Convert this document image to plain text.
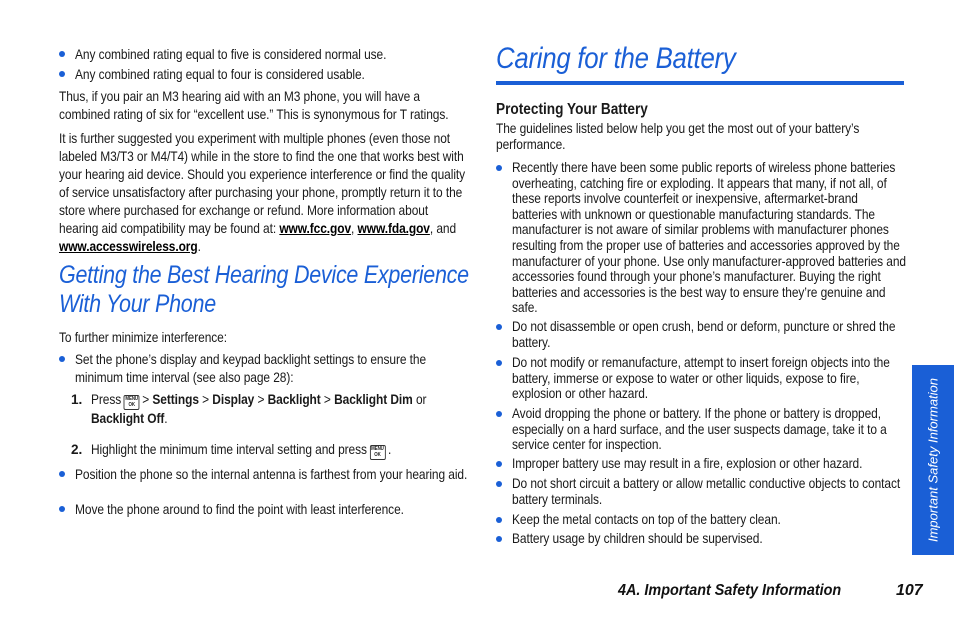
Any combined rating equal to five is considered normal use.
Any combined rating equal to four is considered usable.
Thus, if you pair an M3 hearing aid with an M3 phone, you will have a combined rating of six for “excellent use.” This is synonymous for T ratings.
It is further suggested you experiment with multiple phones (even those not labeled M3/T3 or M4/T4) while in the store to find the one that works best with your hearing aid device. Should you experience interference or find the quality of service unsatisfactory after purchasing your phone, promptly return it to the store where purchased for exchange or refund. More information about hearing aid compatibility may be found at: www.fcc.gov, www.fda.gov, and www.accesswireless.org.
Getting the Best Hearing Device Experience With Your Phone
To further minimize interference:
Set the phone’s display and keypad backlight settings to ensure the minimum time interval (see also page 28):
1. Press MENU
OK > Settings > Display > Backlight > Backlight Dim or
Backlight Off.
2. Highlight the minimum time interval setting and press MENU
OK .
Position the phone so the internal antenna is farthest from your hearing aid.
Move the phone around to find the point with least interference.
Caring for the Battery
Protecting Your Battery
The guidelines listed below help you get the most out of your battery’s performance.
Recently there have been some public reports of wireless phone batteries overheating, catching fire or exploding. It appears that many, if not all, of these reports involve counterfeit or inexpensive, aftermarket-brand batteries with unknown or questionable manufacturing standards. The manufacturer is not aware of similar problems with manufacturer phones resulting from the proper use of batteries and accessories approved by the manufacturer of your phone. Use only manufacturer-approved batteries and accessories found through your phone’s manufacturer. Buying the right batteries and accessories is the best way to ensure they’re genuine and safe.
Do not disassemble or open crush, bend or deform, puncture or shred the battery.
Do not modify or remanufacture, attempt to insert foreign objects into the battery, immerse or expose to water or other liquids, expose to fire, explosion or other hazard.
Avoid dropping the phone or battery. If the phone or battery is dropped, especially on a hard surface, and the user suspects damage, take it to a service center for inspection.
Improper battery use may result in a fire, explosion or other hazard.
Do not short circuit a battery or allow metallic conductive objects to contact battery terminals.
Keep the metal contacts on top of the battery clean.
Battery usage by children should be supervised.	Important Safety Information
4A. Important Safety Information	107
